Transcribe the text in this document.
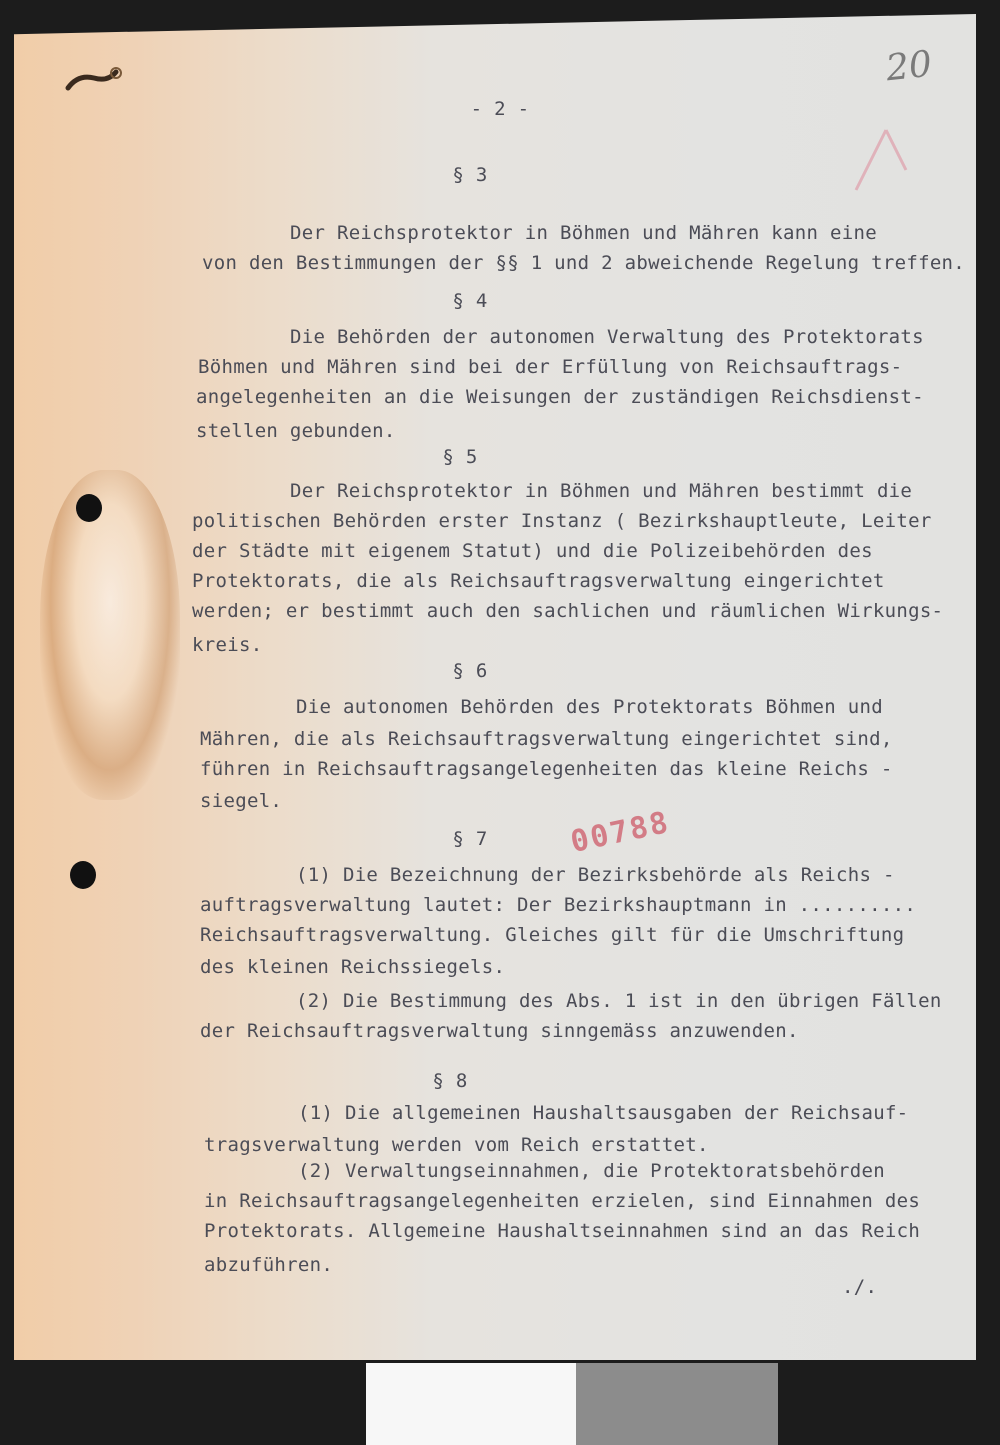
20
00788
- 2 -
§ 3
Der Reichsprotektor in Böhmen und Mähren kann eine
von den Bestimmungen der §§ 1 und 2 abweichende Regelung treffen.
§ 4
Die Behörden der autonomen Verwaltung des Protektorats
Böhmen und Mähren sind bei der Erfüllung von Reichsauftrags-
angelegenheiten an die Weisungen der zuständigen Reichsdienst-
stellen gebunden.
§ 5
Der Reichsprotektor in Böhmen und Mähren bestimmt die
politischen Behörden erster Instanz ( Bezirkshauptleute, Leiter
der Städte mit eigenem Statut) und die Polizeibehörden des
Protektorats, die als Reichsauftragsverwaltung eingerichtet
werden; er bestimmt auch den sachlichen und räumlichen Wirkungs-
kreis.
§ 6
Die autonomen Behörden des Protektorats Böhmen und
Mähren, die als Reichsauftragsverwaltung eingerichtet sind,
führen in Reichsauftragsangelegenheiten das kleine Reichs -
siegel.
§ 7
(1) Die Bezeichnung der Bezirksbehörde als Reichs -
auftragsverwaltung lautet: Der Bezirkshauptmann in ..........
Reichsauftragsverwaltung. Gleiches gilt für die Umschriftung
des kleinen Reichssiegels.
(2) Die Bestimmung des Abs. 1 ist in den übrigen Fällen
der Reichsauftragsverwaltung sinngemäss anzuwenden.
§ 8
(1) Die allgemeinen Haushaltsausgaben der Reichsauf-
tragsverwaltung werden vom Reich erstattet.
(2) Verwaltungseinnahmen, die Protektoratsbehörden
in Reichsauftragsangelegenheiten erzielen, sind Einnahmen des
Protektorats. Allgemeine Haushaltseinnahmen sind an das Reich
abzuführen.
./.
